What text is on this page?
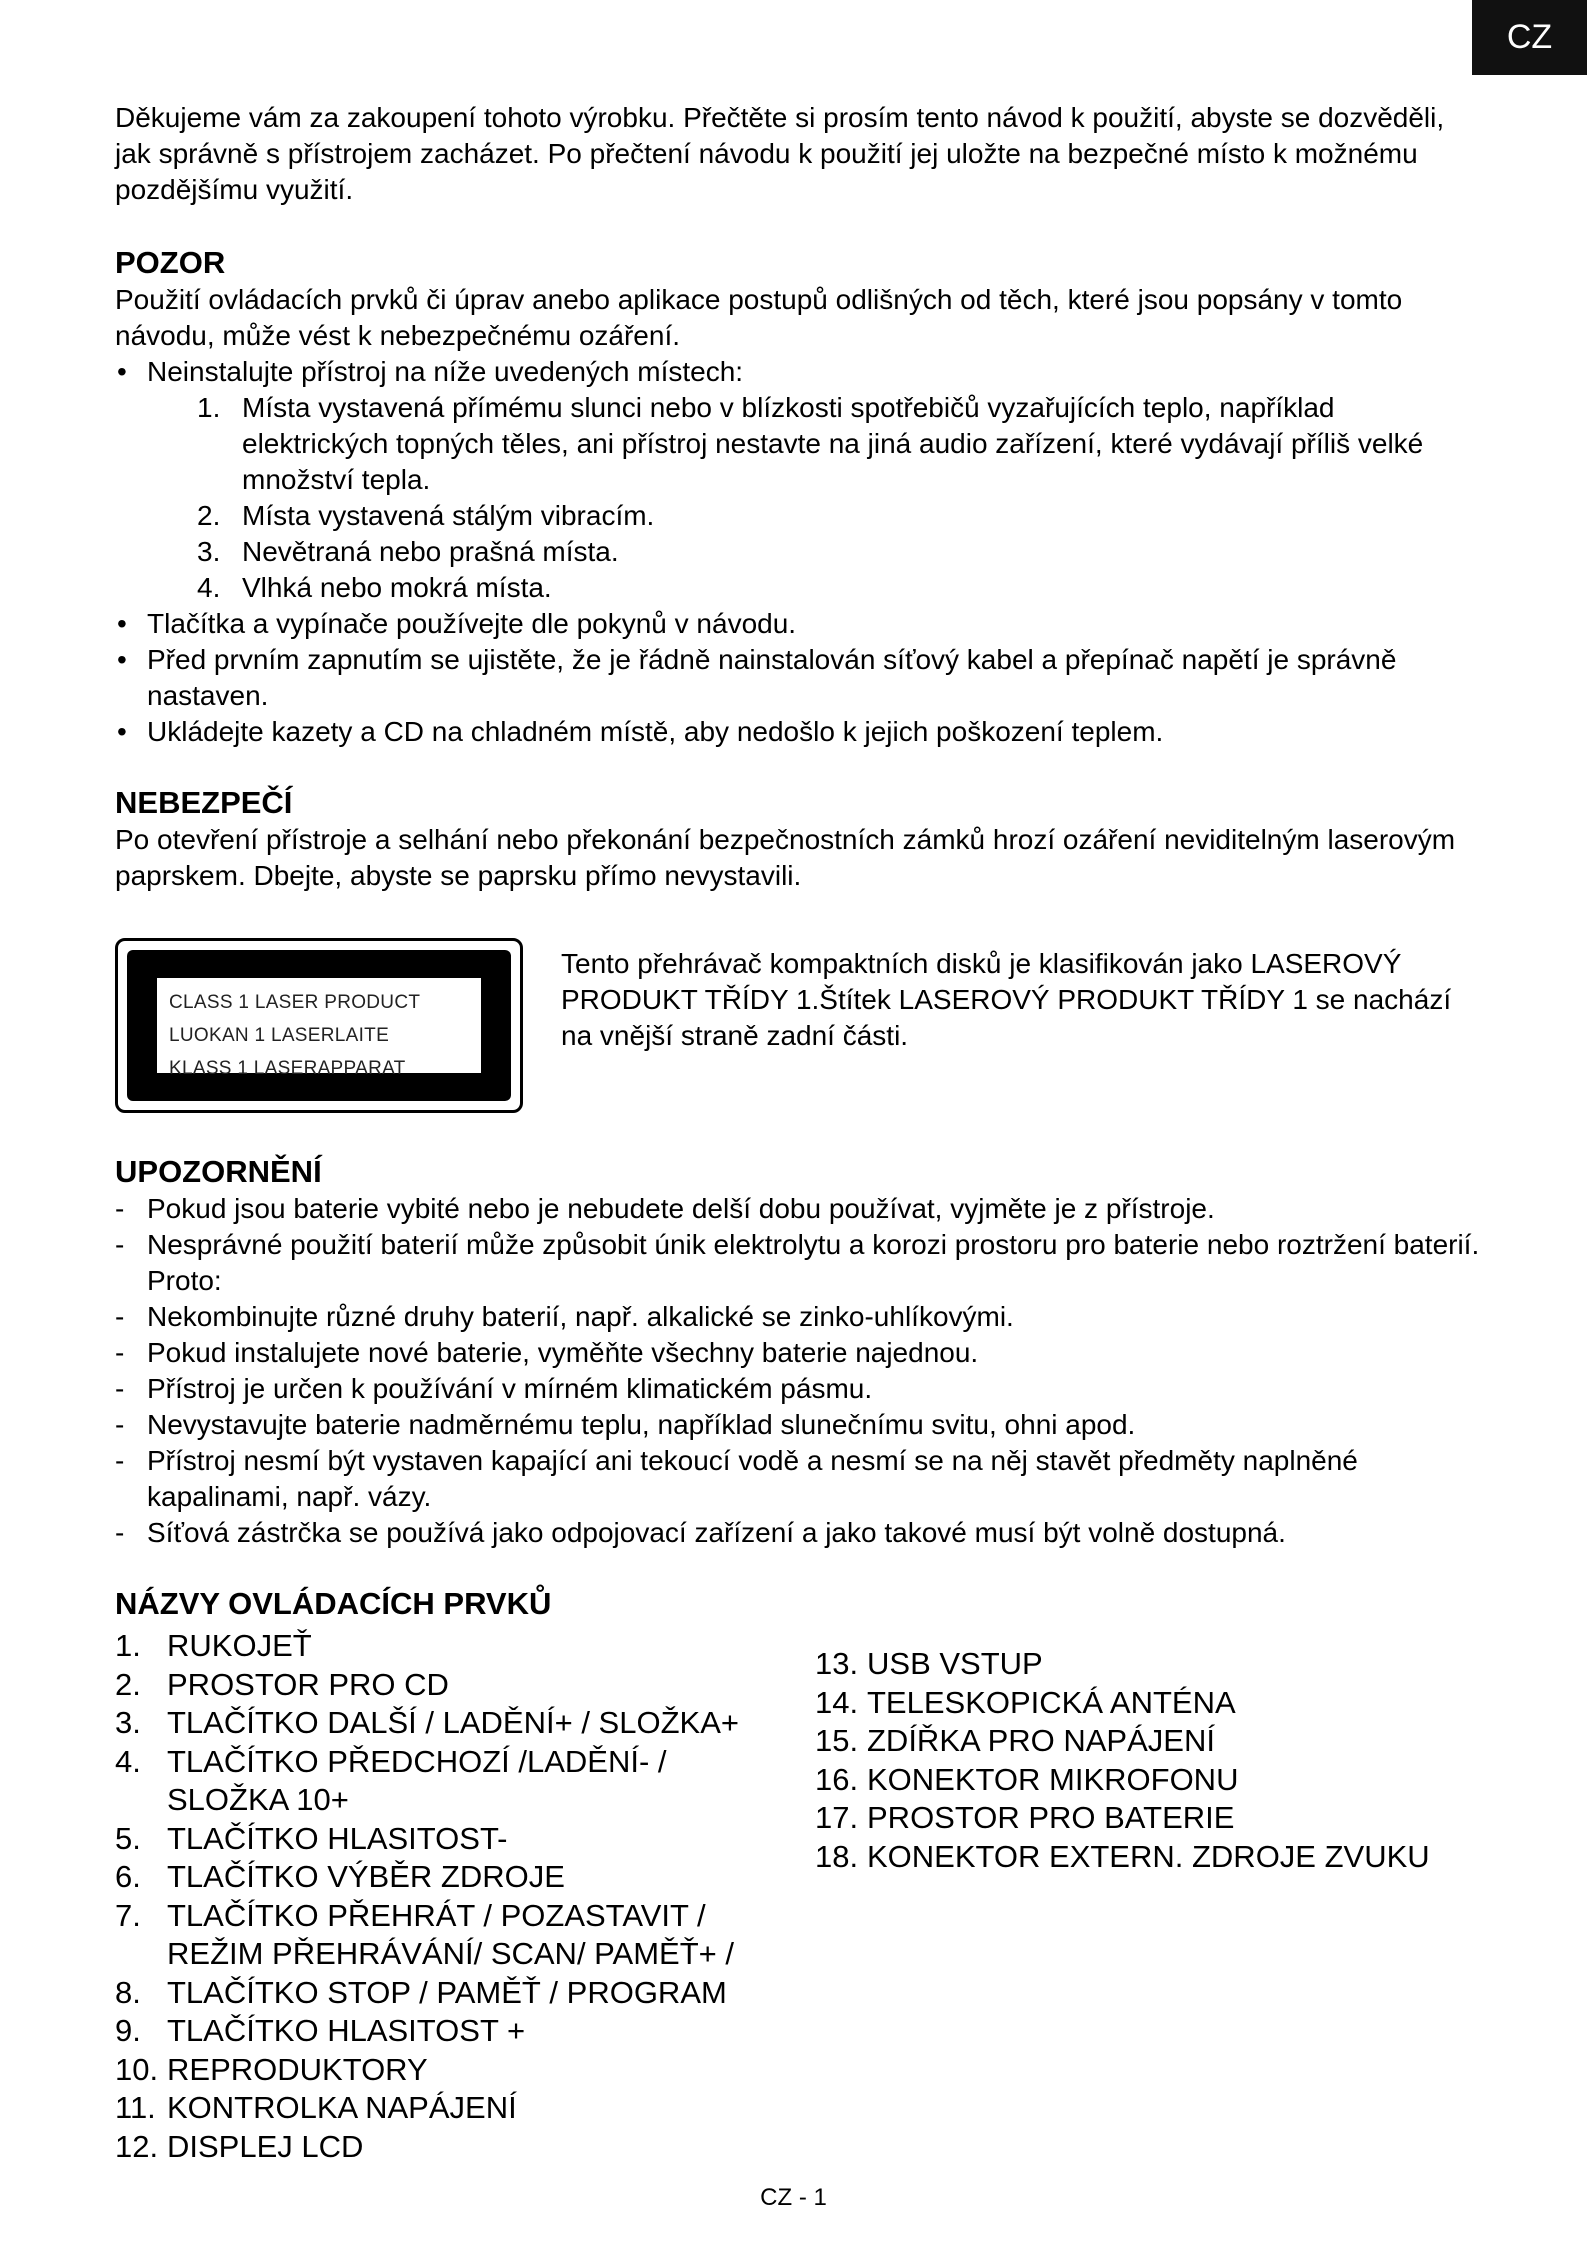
CZ

Děkujeme vám za zakoupení tohoto výrobku. Přečtěte si prosím tento návod k použití, abyste se dozvěděli, jak správně s přístrojem zacházet. Po přečtení návodu k použití jej uložte na bezpečné místo k možnému pozdějšímu využití.

POZOR

Použití ovládacích prvků či úprav anebo aplikace postupů odlišných od těch, které jsou popsány v tomto návodu, může vést k nebezpečnému ozáření.

• Neinstalujte přístroj na níže uvedených místech:
1. Místa vystavená přímému slunci nebo v blízkosti spotřebičů vyzařujících teplo, například elektrických topných těles, ani přístroj nestavte na jiná audio zařízení, které vydávají příliš velké množství tepla.
2. Místa vystavená stálým vibracím.
3. Nevětraná nebo prašná místa.
4. Vlhká nebo mokrá místa.
• Tlačítka a vypínače používejte dle pokynů v návodu.
• Před prvním zapnutím se ujistěte, že je řádně nainstalován síťový kabel a přepínač napětí je správně nastaven.
• Ukládejte kazety a CD na chladném místě, aby nedošlo k jejich poškození teplem.
NEBEZPEČÍ

Po otevření přístroje a selhání nebo překonání bezpečnostních zámků hrozí ozáření neviditelným laserovým paprskem. Dbejte, abyste se paprsku přímo nevystavili.

CLASS 1 LASER PRODUCT
LUOKAN 1 LASERLAITE
KLASS 1 LASERAPPARAT

Tento přehrávač kompaktních disků je klasifikován jako LASEROVÝ PRODUKT TŘÍDY 1.Štítek LASEROVÝ PRODUKT TŘÍDY 1 se nachází na vnější straně zadní části.

UPOZORNĚNÍ
- Pokud jsou baterie vybité nebo je nebudete delší dobu používat, vyjměte je z přístroje.
- Nesprávné použití baterií může způsobit únik elektrolytu a korozi prostoru pro baterie nebo roztržení baterií. Proto:
- Nekombinujte různé druhy baterií, např. alkalické se zinko-uhlíkovými.
- Pokud instalujete nové baterie, vyměňte všechny baterie najednou.
- Přístroj je určen k používání v mírném klimatickém pásmu.
- Nevystavujte baterie nadměrnému teplu, například slunečnímu svitu, ohni apod.
- Přístroj nesmí být vystaven kapající ani tekoucí vodě a nesmí se na něj stavět předměty naplněné kapalinami, např. vázy.
- Síťová zástrčka se používá jako odpojovací zařízení a jako takové musí být volně dostupná.
NÁZVY OVLÁDACÍCH PRVKŮ
1. RUKOJEŤ
2. PROSTOR PRO CD
3. TLAČÍTKO DALŠÍ / LADĚNÍ+ / SLOŽKA+
4. TLAČÍTKO PŘEDCHOZÍ /LADĚNÍ- / SLOŽKA 10+
5. TLAČÍTKO HLASITOST-
6. TLAČÍTKO VÝBĚR ZDROJE
7. TLAČÍTKO PŘEHRÁT / POZASTAVIT / REŽIM PŘEHRÁVÁNÍ/ SCAN/ PAMĚŤ+ /
8. TLAČÍTKO STOP / PAMĚŤ / PROGRAM
9. TLAČÍTKO HLASITOST +
10. REPRODUKTORY
11. KONTROLKA NAPÁJENÍ
12. DISPLEJ LCD
13. USB VSTUP
14. TELESKOPICKÁ ANTÉNA
15. ZDÍŘKA PRO NAPÁJENÍ
16. KONEKTOR MIKROFONU
17. PROSTOR PRO BATERIE
18. KONEKTOR EXTERN. ZDROJE ZVUKU
CZ - 1
